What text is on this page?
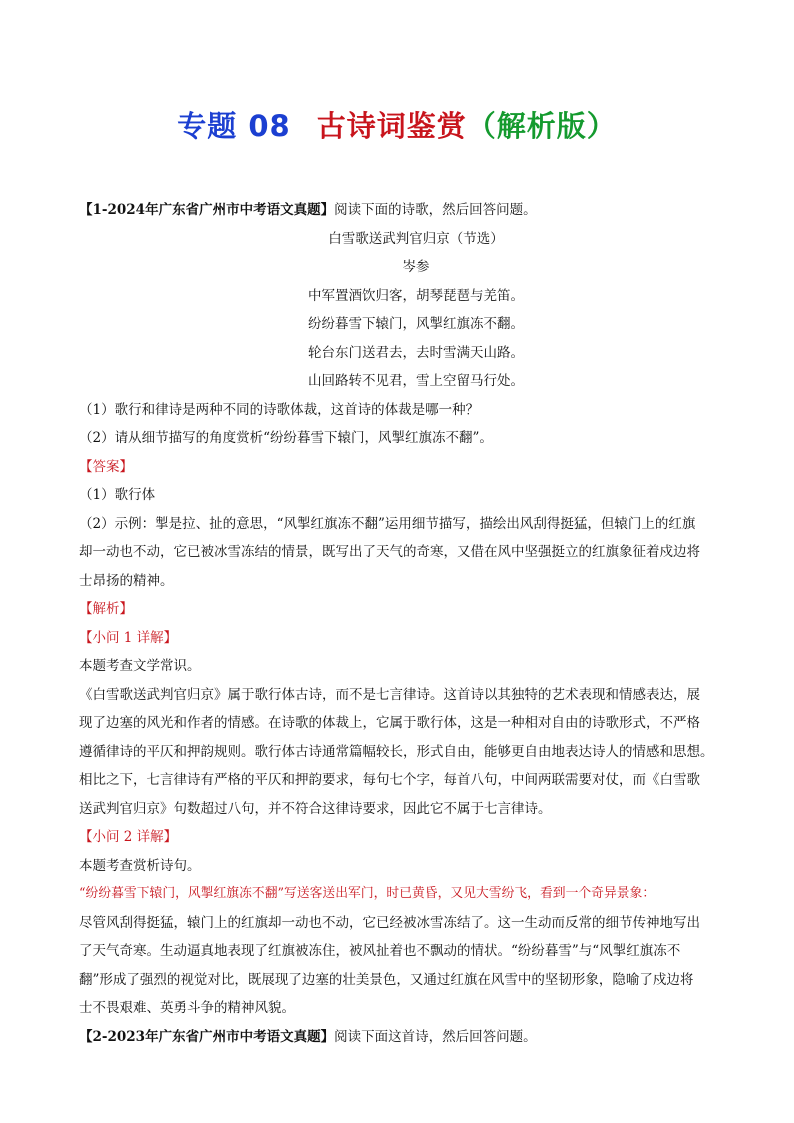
专题 08 古诗词鉴赏（解析版）
【1-2024年广东省广州市中考语文真题】阅读下面的诗歌，然后回答问题。
白雪歌送武判官归京（节选）
岑参
中军置酒饮归客，胡琴琵琶与羌笛。
纷纷暮雪下辕门，风掣红旗冻不翻。
轮台东门送君去，去时雪满天山路。
山回路转不见君，雪上空留马行处。
（1）歌行和律诗是两种不同的诗歌体裁，这首诗的体裁是哪一种？
（2）请从细节描写的角度赏析“纷纷暮雪下辕门，风掣红旗冻不翻”。
【答案】
（1）歌行体
（2）示例：掣是拉、扯的意思，“风掣红旗冻不翻”运用细节描写，描绘出风刮得挺猛，但辕门上的红旗
却一动也不动，它已被冰雪冻结的情景，既写出了天气的奇寒，又借在风中坚强挺立的红旗象征着戍边将
士昂扬的精神。
【解析】
【小问 1 详解】
本题考查文学常识。
《白雪歌送武判官归京》属于歌行体古诗，而不是七言律诗。这首诗以其独特的艺术表现和情感表达，展
现了边塞的风光和作者的情感。在诗歌的体裁上，它属于歌行体，这是一种相对自由的诗歌形式，不严格
遵循律诗的平仄和押韵规则。歌行体古诗通常篇幅较长，形式自由，能够更自由地表达诗人的情感和思想。
相比之下，七言律诗有严格的平仄和押韵要求，每句七个字，每首八句，中间两联需要对仗，而《白雪歌
送武判官归京》句数超过八句，并不符合这律诗要求，因此它不属于七言律诗。
【小问 2 详解】
本题考查赏析诗句。
“纷纷暮雪下辕门，风掣红旗冻不翻”写送客送出军门，时已黄昏，又见大雪纷飞，看到一个奇异景象：
尽管风刮得挺猛，辕门上的红旗却一动也不动，它已经被冰雪冻结了。这一生动而反常的细节传神地写出
了天气奇寒。生动逼真地表现了红旗被冻住，被风扯着也不飘动的情状。“纷纷暮雪”与“风掣红旗冻不
翻”形成了强烈的视觉对比，既展现了边塞的壮美景色，又通过红旗在风雪中的坚韧形象，隐喻了戍边将
士不畏艰难、英勇斗争的精神风貌。
【2-2023年广东省广州市中考语文真题】阅读下面这首诗，然后回答问题。
